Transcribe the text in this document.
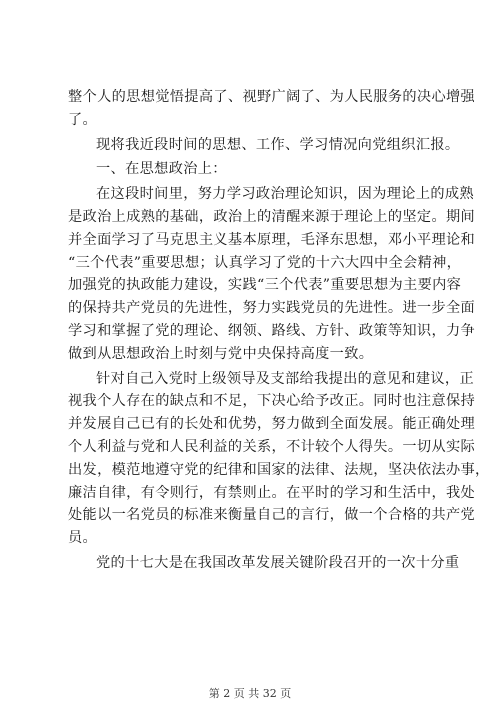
整个人的思想觉悟提高了、视野广阔了、为人民服务的决心增强
了。
现将我近段时间的思想、工作、学习情况向党组织汇报。
一、在思想政治上：
在这段时间里，努力学习政治理论知识，因为理论上的成熟
是政治上成熟的基础，政治上的清醒来源于理论上的坚定。期间
并全面学习了马克思主义基本原理，毛泽东思想，邓小平理论和
“三个代表”重要思想；认真学习了党的十六大四中全会精神，
加强党的执政能力建设，实践“三个代表”重要思想为主要内容
的保持共产党员的先进性，努力实践党员的先进性。进一步全面
学习和掌握了党的理论、纲领、路线、方针、政策等知识，力争
做到从思想政治上时刻与党中央保持高度一致。
针对自己入党时上级领导及支部给我提出的意见和建议，正
视我个人存在的缺点和不足，下决心给予改正。同时也注意保持
并发展自己已有的长处和优势，努力做到全面发展。能正确处理
个人利益与党和人民利益的关系，不计较个人得失。一切从实际
出发，模范地遵守党的纪律和国家的法律、法规，坚决依法办事，
廉洁自律，有令则行，有禁则止。在平时的学习和生活中，我处
处能以一名党员的标准来衡量自己的言行，做一个合格的共产党
员。
党的十七大是在我国改革发展关键阶段召开的一次十分重
第 2 页 共 32 页
